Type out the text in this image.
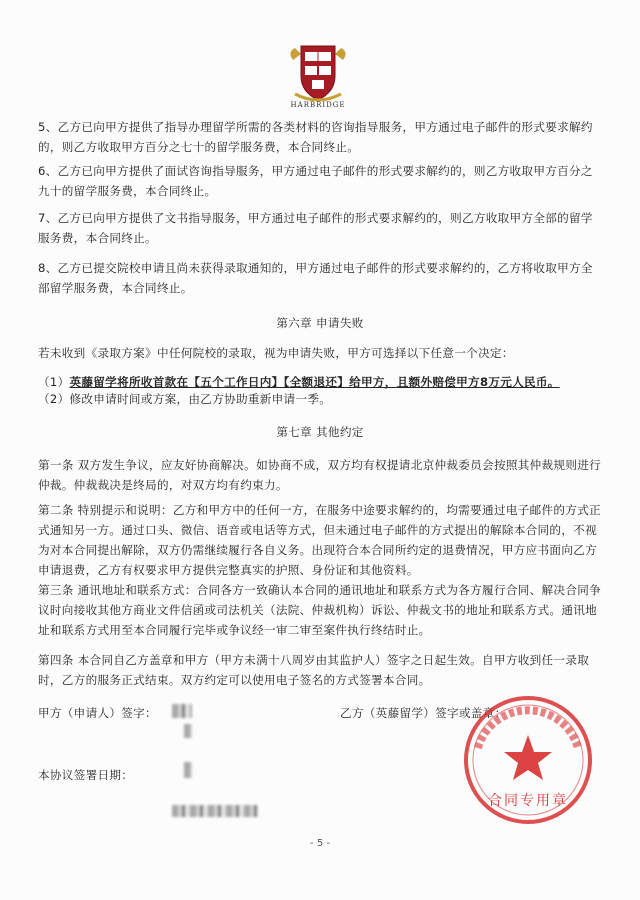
HARBRIDGE
5、乙方已向甲方提供了指导办理留学所需的各类材料的咨询指导服务，甲方通过电子邮件的形式要求解约的，则乙方收取甲方百分之七十的留学服务费，本合同终止。
6、乙方已向甲方提供了面试咨询指导服务，甲方通过电子邮件的形式要求解约的，则乙方收取甲方百分之九十的留学服务费，本合同终止。
7、乙方已向甲方提供了文书指导服务，甲方通过电子邮件的形式要求解约的，则乙方收取甲方全部的留学服务费，本合同终止。
8、乙方已提交院校申请且尚未获得录取通知的，甲方通过电子邮件的形式要求解约的，乙方将收取甲方全部留学服务费，本合同终止。
第六章 申请失败
若未收到《录取方案》中任何院校的录取，视为申请失败，甲方可选择以下任意一个决定：
（1）英藤留学将所收首款在【五个工作日内】【全额退还】给甲方，且额外赔偿甲方8万元人民币。
（2）修改申请时间或方案，由乙方协助重新申请一季。
第七章 其他约定
第一条 双方发生争议，应友好协商解决。如协商不成，双方均有权提请北京仲裁委员会按照其仲裁规则进行仲裁。仲裁裁决是终局的，对双方均有约束力。
第二条 特别提示和说明：乙方和甲方中的任何一方，在服务中途要求解约的，均需要通过电子邮件的方式正式通知另一方。通过口头、微信、语音或电话等方式，但未通过电子邮件的方式提出的解除本合同的，不视为对本合同提出解除，双方仍需继续履行各自义务。出现符合本合同所约定的退费情况，甲方应书面向乙方申请退费，乙方有权要求甲方提供完整真实的护照、身份证和其他资料。
第三条 通讯地址和联系方式：合同各方一致确认本合同的通讯地址和联系方式为各方履行合同、解决合同争议时向接收其他方商业文件信函或司法机关（法院、仲裁机构）诉讼、仲裁文书的地址和联系方式。通讯地址和联系方式用至本合同履行完毕或争议经一审二审至案件执行终结时止。
第四条 本合同自乙方盖章和甲方（甲方未满十八周岁由其监护人）签字之日起生效。自甲方收到任一录取时，乙方的服务正式结束。双方约定可以使用电子签名的方式签署本合同。
甲方（申请人）签字：	乙方（英藤留学）签字或盖章：
本协议签署日期：
合同专用章
- 5 -
